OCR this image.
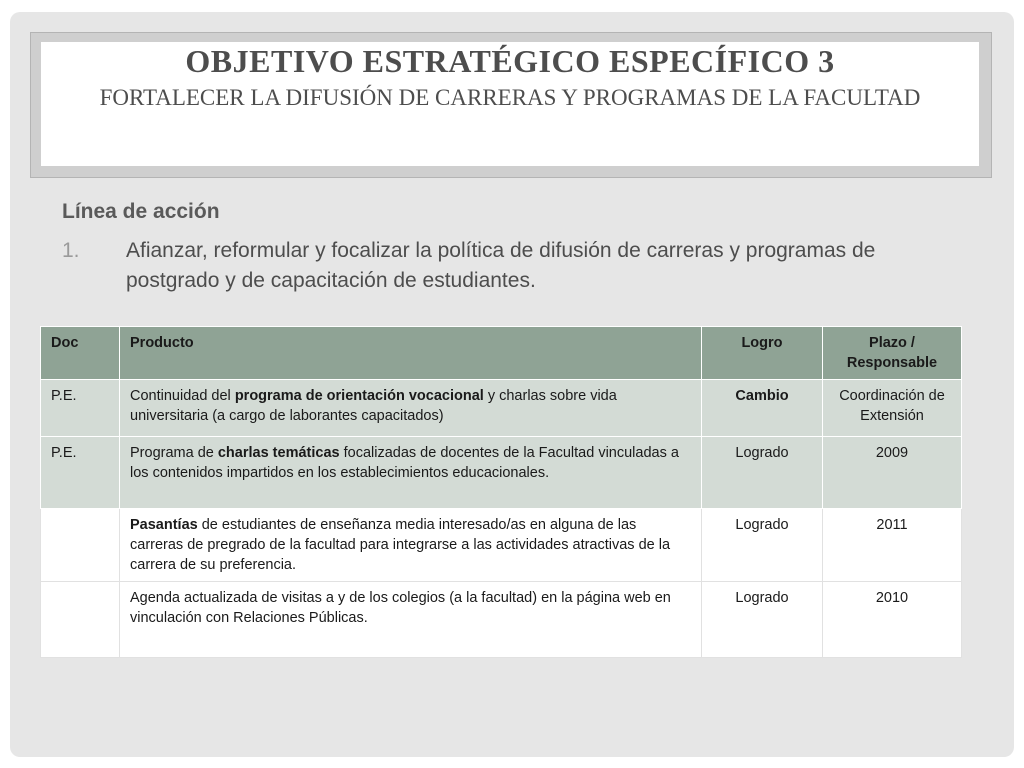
OBJETIVO ESTRATÉGICO ESPECÍFICO 3
FORTALECER LA DIFUSIÓN DE CARRERAS Y PROGRAMAS DE LA FACULTAD
Línea de acción
1.	Afianzar, reformular y focalizar la política de difusión de carreras y programas de postgrado y de capacitación de estudiantes.
Doc	Producto	Logro	Plazo / Responsable
P.E.	Continuidad del programa de orientación vocacional y charlas sobre vida universitaria (a cargo de laborantes capacitados)	Cambio	Coordinación de Extensión
P.E.	Programa de charlas temáticas focalizadas de docentes de la Facultad vinculadas a los contenidos impartidos en los establecimientos educacionales.	Logrado	2009
	Pasantías de estudiantes de enseñanza media interesado/as en alguna de las carreras de pregrado de la facultad para integrarse a las actividades atractivas de la carrera de su preferencia.	Logrado	2011
	Agenda actualizada de visitas a y de los colegios (a la facultad) en la página web en vinculación con Relaciones Públicas.	Logrado	2010
